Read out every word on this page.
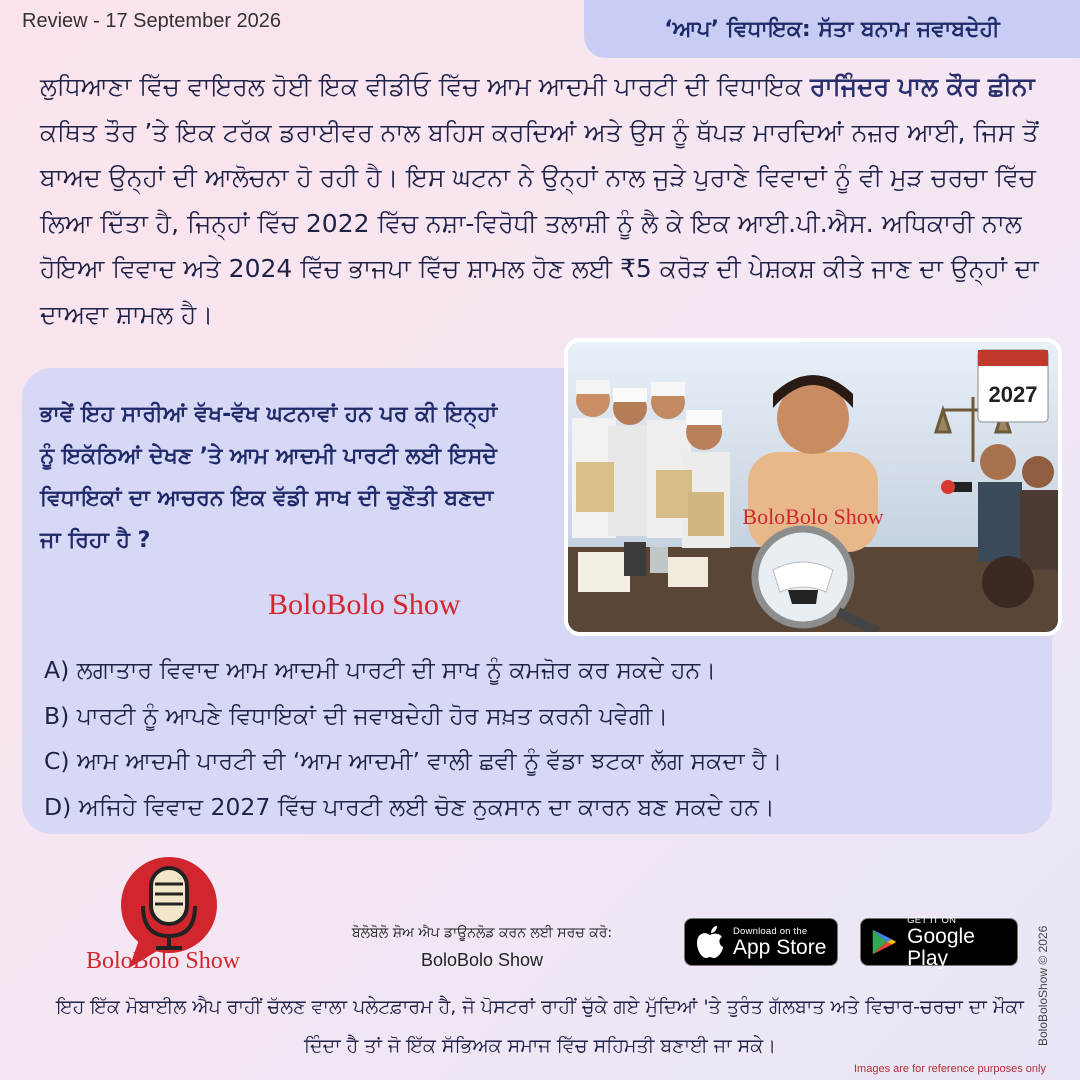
Review - 17 September 2026	‘ਆਪ’ ਵਿਧਾਇਕ: ਸੱਤਾ ਬਨਾਮ ਜਵਾਬਦੇਹੀ

ਲੁਧਿਆਣਾ ਵਿੱਚ ਵਾਇਰਲ ਹੋਈ ਇਕ ਵੀਡੀਓ ਵਿੱਚ ਆਮ ਆਦਮੀ ਪਾਰਟੀ ਦੀ ਵਿਧਾਇਕ ਰਾਜਿੰਦਰ ਪਾਲ ਕੌਰ ਛੀਨਾ ਕਥਿਤ ਤੌਰ ’ਤੇ ਇਕ ਟਰੱਕ ਡਰਾਈਵਰ ਨਾਲ ਬਹਿਸ ਕਰਦਿਆਂ ਅਤੇ ਉਸ ਨੂੰ ਥੱਪੜ ਮਾਰਦਿਆਂ ਨਜ਼ਰ ਆਈ, ਜਿਸ ਤੋਂ ਬਾਅਦ ਉਨ੍ਹਾਂ ਦੀ ਆਲੋਚਨਾ ਹੋ ਰਹੀ ਹੈ। ਇਸ ਘਟਨਾ ਨੇ ਉਨ੍ਹਾਂ ਨਾਲ ਜੁੜੇ ਪੁਰਾਣੇ ਵਿਵਾਦਾਂ ਨੂੰ ਵੀ ਮੁੜ ਚਰਚਾ ਵਿੱਚ ਲਿਆ ਦਿੱਤਾ ਹੈ, ਜਿਨ੍ਹਾਂ ਵਿੱਚ 2022 ਵਿੱਚ ਨਸ਼ਾ-ਵਿਰੋਧੀ ਤਲਾਸ਼ੀ ਨੂੰ ਲੈ ਕੇ ਇਕ ਆਈ.ਪੀ.ਐਸ. ਅਧਿਕਾਰੀ ਨਾਲ ਹੋਇਆ ਵਿਵਾਦ ਅਤੇ 2024 ਵਿੱਚ ਭਾਜਪਾ ਵਿੱਚ ਸ਼ਾਮਲ ਹੋਣ ਲਈ ₹5 ਕਰੋੜ ਦੀ ਪੇਸ਼ਕਸ਼ ਕੀਤੇ ਜਾਣ ਦਾ ਉਨ੍ਹਾਂ ਦਾ ਦਾਅਵਾ ਸ਼ਾਮਲ ਹੈ।

ਭਾਵੇਂ ਇਹ ਸਾਰੀਆਂ ਵੱਖ-ਵੱਖ ਘਟਨਾਵਾਂ ਹਨ ਪਰ ਕੀ ਇਨ੍ਹਾਂ ਨੂੰ ਇਕੱਠਿਆਂ ਦੇਖਣ ’ਤੇ ਆਮ ਆਦਮੀ ਪਾਰਟੀ ਲਈ ਇਸਦੇ ਵਿਧਾਇਕਾਂ ਦਾ ਆਚਰਨ ਇਕ ਵੱਡੀ ਸਾਖ ਦੀ ਚੁਣੌਤੀ ਬਣਦਾ ਜਾ ਰਿਹਾ ਹੈ ?

BoloBolo Show
2027
BoloBolo Show
A) ਲਗਾਤਾਰ ਵਿਵਾਦ ਆਮ ਆਦਮੀ ਪਾਰਟੀ ਦੀ ਸਾਖ ਨੂੰ ਕਮਜ਼ੋਰ ਕਰ ਸਕਦੇ ਹਨ।
B) ਪਾਰਟੀ ਨੂੰ ਆਪਣੇ ਵਿਧਾਇਕਾਂ ਦੀ ਜਵਾਬਦੇਹੀ ਹੋਰ ਸਖ਼ਤ ਕਰਨੀ ਪਵੇਗੀ।
C) ਆਮ ਆਦਮੀ ਪਾਰਟੀ ਦੀ ‘ਆਮ ਆਦਮੀ’ ਵਾਲੀ ਛਵੀ ਨੂੰ ਵੱਡਾ ਝਟਕਾ ਲੱਗ ਸਕਦਾ ਹੈ।
D) ਅਜਿਹੇ ਵਿਵਾਦ 2027 ਵਿੱਚ ਪਾਰਟੀ ਲਈ ਚੋਣ ਨੁਕਸਾਨ ਦਾ ਕਾਰਨ ਬਣ ਸਕਦੇ ਹਨ।
BoloBolo Show
ਬੋਲੋਬੋਲੋ ਸ਼ੋਅ ਐਪ ਡਾਊਨਲੋਡ ਕਰਨ ਲਈ ਸਰਚ ਕਰੋ:
BoloBolo Show
Download on the
App Store
GET IT ON
Google Play

ਇਹ ਇੱਕ ਮੋਬਾਈਲ ਐਪ ਰਾਹੀਂ ਚੱਲਣ ਵਾਲਾ ਪਲੇਟਫ਼ਾਰਮ ਹੈ, ਜੋ ਪੋਸਟਰਾਂ ਰਾਹੀਂ ਚੁੱਕੇ ਗਏ ਮੁੱਦਿਆਂ 'ਤੇ ਤੁਰੰਤ ਗੱਲਬਾਤ ਅਤੇ ਵਿਚਾਰ-ਚਰਚਾ ਦਾ ਮੌਕਾ ਦਿੰਦਾ ਹੈ ਤਾਂ ਜੋ ਇੱਕ ਸੱਭਿਅਕ ਸਮਾਜ ਵਿੱਚ ਸਹਿਮਤੀ ਬਣਾਈ ਜਾ ਸਕੇ।	BoloBoloShow © 2026
Images are for reference purposes only
